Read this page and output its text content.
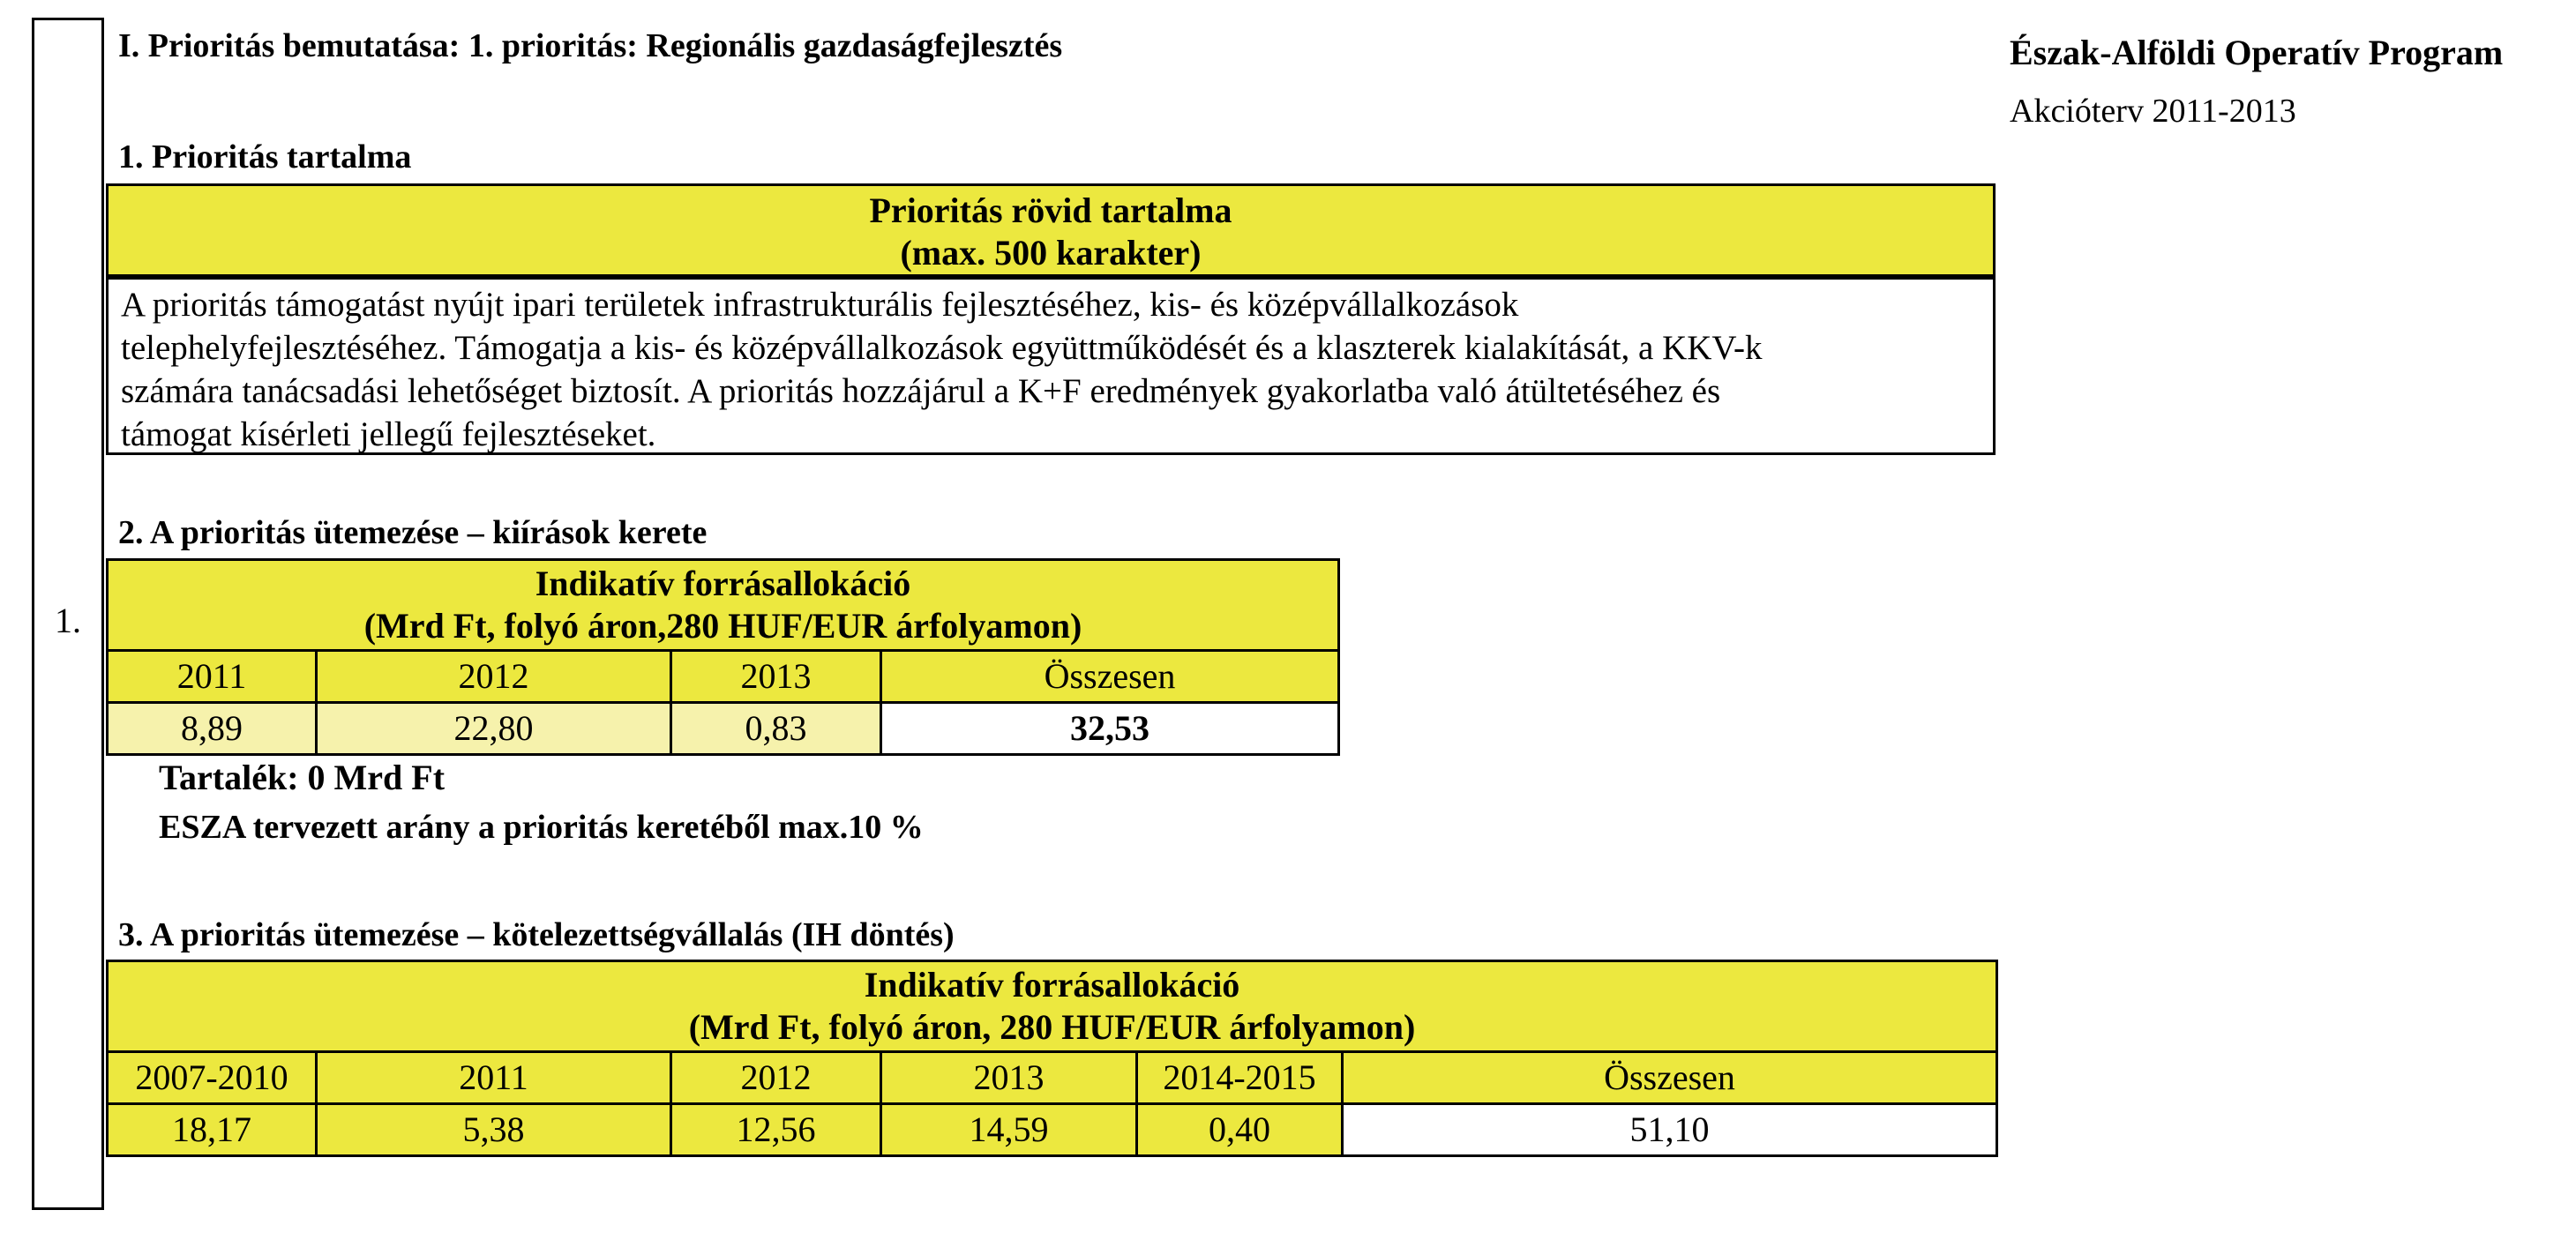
1.
I. Prioritás bemutatása: 1. prioritás: Regionális gazdaságfejlesztés	Észak-Alföldi Operatív Program
Akcióterv 2011-2013
1. Prioritás tartalma
Prioritás rövid tartalma
(max. 500 karakter)
A prioritás támogatást nyújt ipari területek infrastrukturális fejlesztéséhez, kis- és középvállalkozások
telephelyfejlesztéséhez. Támogatja a kis- és középvállalkozások együttműködését és a klaszterek kialakítását, a KKV-k
számára tanácsadási lehetőséget biztosít. A prioritás hozzájárul a K+F eredmények gyakorlatba való átültetéséhez és
támogat kísérleti jellegű fejlesztéseket.
2. A prioritás ütemezése – kiírások kerete
Indikatív forrásallokáció
(Mrd Ft, folyó áron,280 HUF/EUR árfolyamon)			

2011	2012	2013	Összesen
8,89	22,80	0,83	32,53
Tartalék: 0 Mrd Ft
ESZA tervezett arány a prioritás keretéből max.10 %
3. A prioritás ütemezése – kötelezettségvállalás (IH döntés)
Indikatív forrásallokáció
(Mrd Ft, folyó áron, 280 HUF/EUR árfolyamon)					

2007-2010	2011	2012	2013	2014-2015	Összesen
18,17	5,38	12,56	14,59	0,40	51,10
